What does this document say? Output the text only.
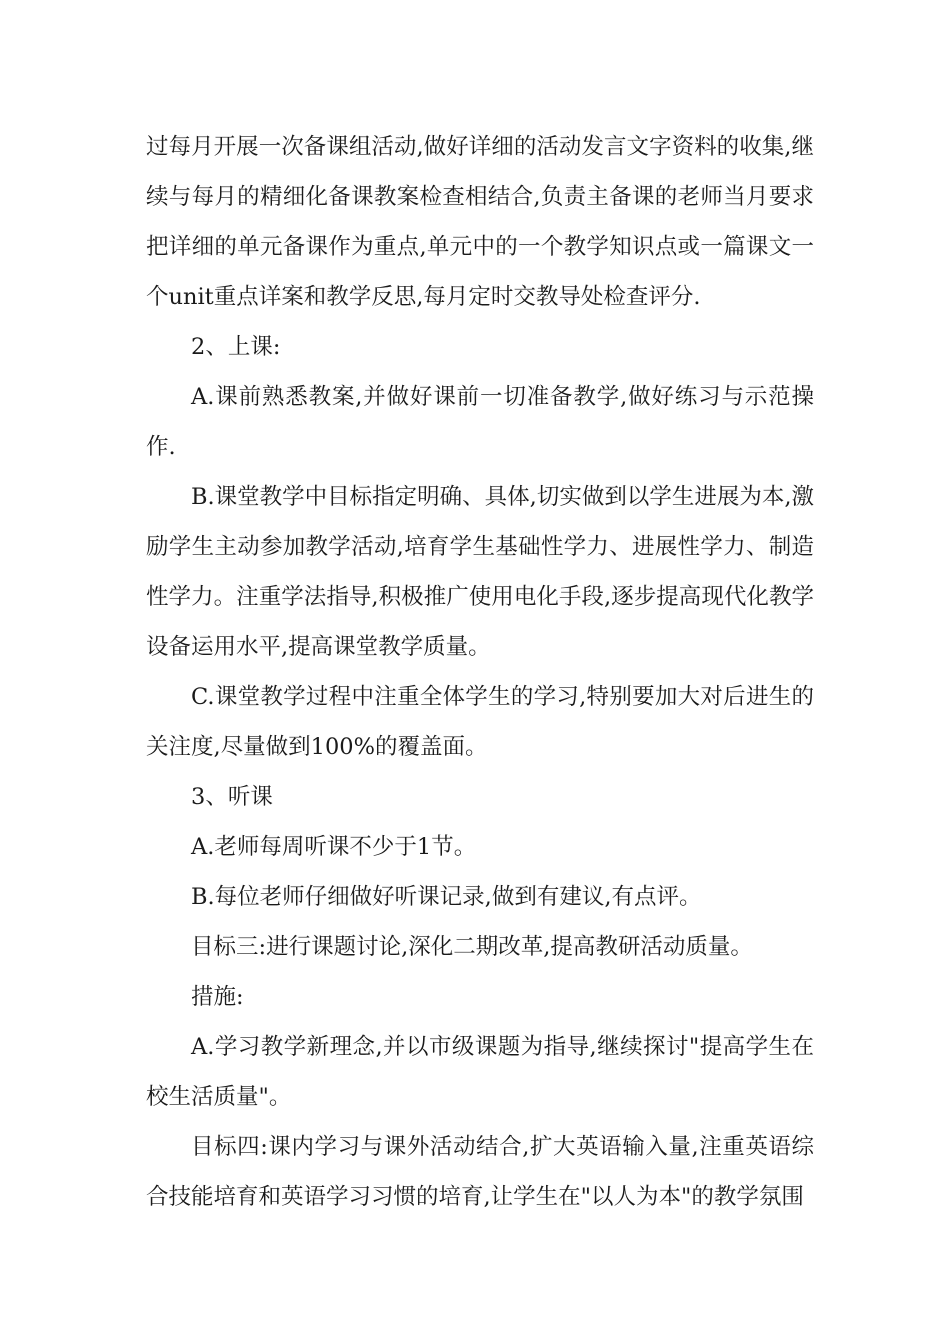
过每月开展一次备课组活动,做好详细的活动发言文字资料的收集,继续与每月的精细化备课教案检查相结合,负责主备课的老师当月要求把详细的单元备课作为重点,单元中的一个教学知识点或一篇课文一个unit重点详案和教学反思,每月定时交教导处检查评分.

2、上课:

A.课前熟悉教案,并做好课前一切准备教学,做好练习与示范操作.

B.课堂教学中目标指定明确、具体,切实做到以学生进展为本,激励学生主动参加教学活动,培育学生基础性学力、进展性学力、制造性学力。注重学法指导,积极推广使用电化手段,逐步提高现代化教学设备运用水平,提高课堂教学质量。

C.课堂教学过程中注重全体学生的学习,特别要加大对后进生的关注度,尽量做到100%的覆盖面。

3、听课

A.老师每周听课不少于1节。

B.每位老师仔细做好听课记录,做到有建议,有点评。

目标三:进行课题讨论,深化二期改革,提高教研活动质量。

措施:

A.学习教学新理念,并以市级课题为指导,继续探讨"提高学生在校生活质量"。

目标四:课内学习与课外活动结合,扩大英语输入量,注重英语综合技能培育和英语学习习惯的培育,让学生在"以人为本"的教学氛围
